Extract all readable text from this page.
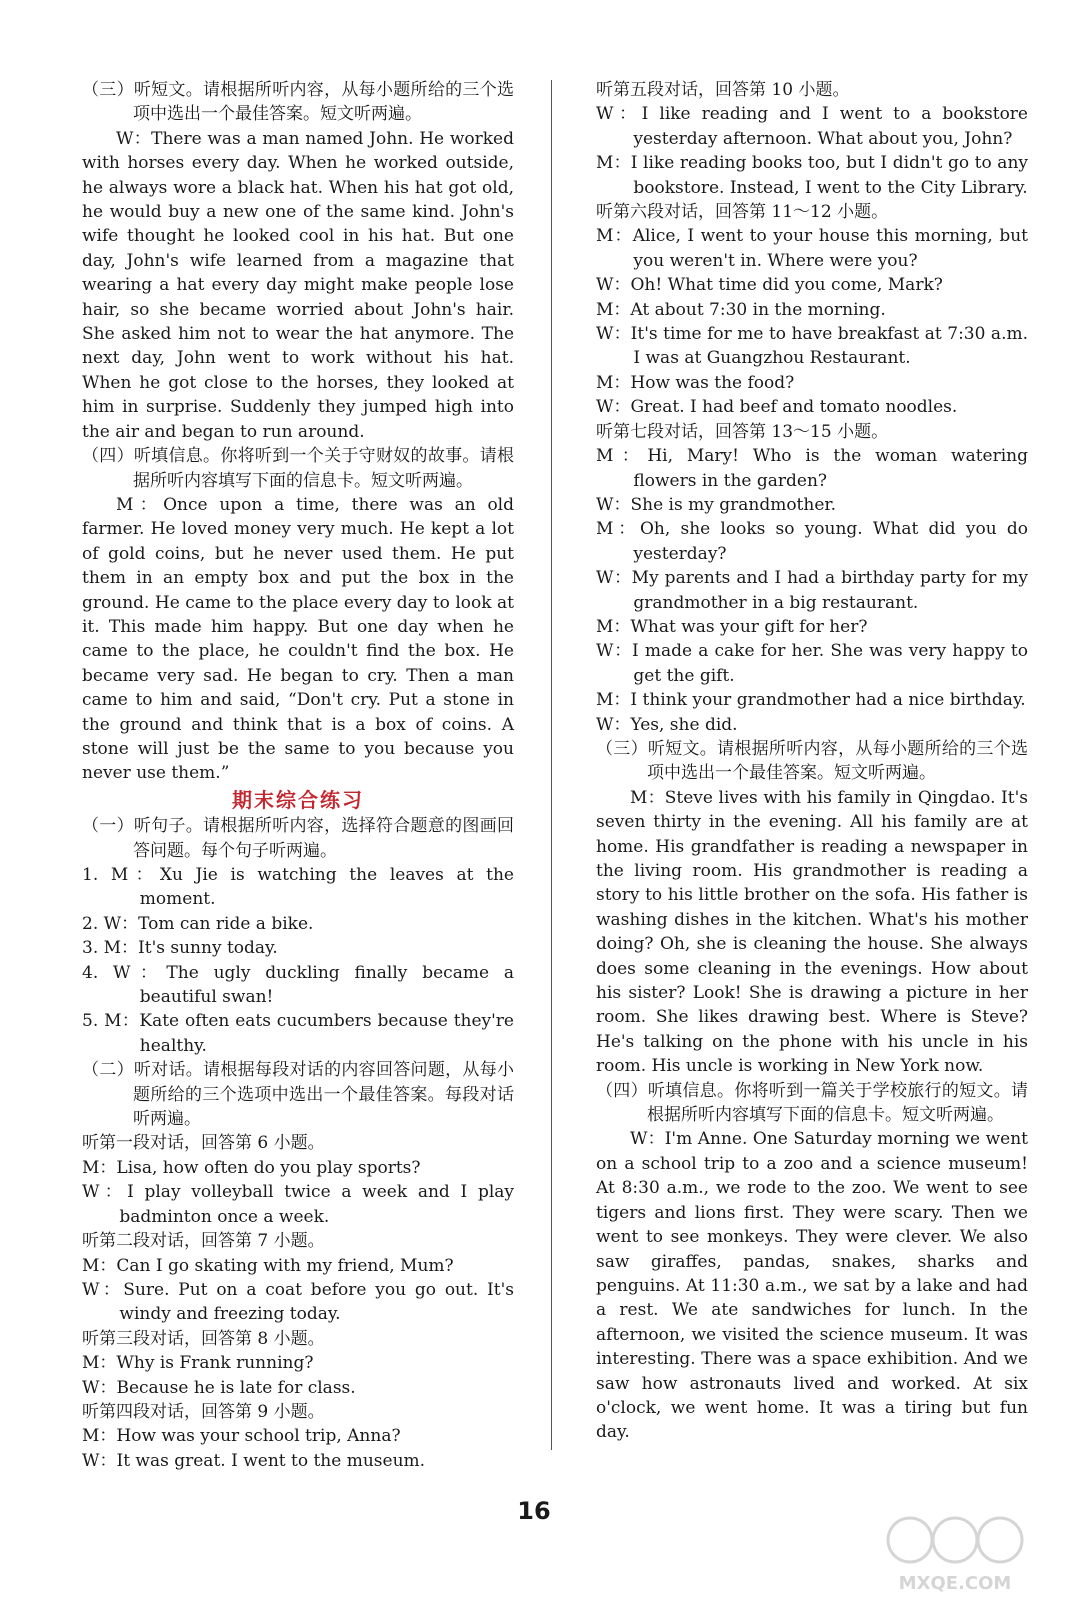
（三）听短文。请根据所听内容，从每小题所给的三个选项中选出一个最佳答案。短文听两遍。

W：There was a man named John. He worked with horses every day. When he worked outside, he always wore a black hat. When his hat got old, he would buy a new one of the same kind. John's wife thought he looked cool in his hat. But one day, John's wife learned from a magazine that wearing a hat every day might make people lose hair, so she became worried about John's hair. She asked him not to wear the hat anymore. The next day, John went to work without his hat. When he got close to the horses, they looked at him in surprise. Suddenly they jumped high into the air and began to run around.

（四）听填信息。你将听到一个关于守财奴的故事。请根据所听内容填写下面的信息卡。短文听两遍。

M：Once upon a time, there was an old farmer. He loved money very much. He kept a lot of gold coins, but he never used them. He put them in an empty box and put the box in the ground. He came to the place every day to look at it. This made him happy. But one day when he came to the place, he couldn't find the box. He became very sad. He began to cry. Then a man came to him and said, “Don't cry. Put a stone in the ground and think that is a box of coins. A stone will just be the same to you because you never use them.”

期末综合练习

（一）听句子。请根据所听内容，选择符合题意的图画回答问题。每个句子听两遍。

1. M：Xu Jie is watching the leaves at the moment.

2. W：Tom can ride a bike.

3. M：It's sunny today.

4. W：The ugly duckling finally became a beautiful swan!

5. M：Kate often eats cucumbers because they're healthy.

（二）听对话。请根据每段对话的内容回答问题，从每小题所给的三个选项中选出一个最佳答案。每段对话听两遍。

听第一段对话，回答第 6 小题。

M：Lisa, how often do you play sports?

W：I play volleyball twice a week and I play badminton once a week.

听第二段对话，回答第 7 小题。

M：Can I go skating with my friend, Mum?

W：Sure. Put on a coat before you go out. It's windy and freezing today.

听第三段对话，回答第 8 小题。

M：Why is Frank running?

W：Because he is late for class.

听第四段对话，回答第 9 小题。

M：How was your school trip, Anna?

W：It was great. I went to the museum.

听第五段对话，回答第 10 小题。

W：I like reading and I went to a bookstore yesterday afternoon. What about you, John?

M：I like reading books too, but I didn't go to any bookstore. Instead, I went to the City Library.

听第六段对话，回答第 11～12 小题。

M：Alice, I went to your house this morning, but you weren't in. Where were you?

W：Oh! What time did you come, Mark?

M：At about 7:30 in the morning.

W：It's time for me to have breakfast at 7:30 a.m. I was at Guangzhou Restaurant.

M：How was the food?

W：Great. I had beef and tomato noodles.

听第七段对话，回答第 13～15 小题。

M：Hi, Mary! Who is the woman watering flowers in the garden?

W：She is my grandmother.

M：Oh, she looks so young. What did you do yesterday?

W：My parents and I had a birthday party for my grandmother in a big restaurant.

M：What was your gift for her?

W：I made a cake for her. She was very happy to get the gift.

M：I think your grandmother had a nice birthday.

W：Yes, she did.

（三）听短文。请根据所听内容，从每小题所给的三个选项中选出一个最佳答案。短文听两遍。

M：Steve lives with his family in Qingdao. It's seven thirty in the evening. All his family are at home. His grandfather is reading a newspaper in the living room. His grandmother is reading a story to his little brother on the sofa. His father is washing dishes in the kitchen. What's his mother doing? Oh, she is cleaning the house. She always does some cleaning in the evenings. How about his sister? Look! She is drawing a picture in her room. She likes drawing best. Where is Steve? He's talking on the phone with his uncle in his room. His uncle is working in New York now.

（四）听填信息。你将听到一篇关于学校旅行的短文。请根据所听内容填写下面的信息卡。短文听两遍。

W：I'm Anne. One Saturday morning we went on a school trip to a zoo and a science museum! At 8:30 a.m., we rode to the zoo. We went to see tigers and lions first. They were scary. Then we went to see monkeys. They were clever. We also saw giraffes, pandas, snakes, sharks and penguins. At 11:30 a.m., we sat by a lake and had a rest. We ate sandwiches for lunch. In the afternoon, we visited the science museum. It was interesting. There was a space exhibition. And we saw how astronauts lived and worked. At six o'clock, we went home. It was a tiring but fun day.

16
MXQE.COM
